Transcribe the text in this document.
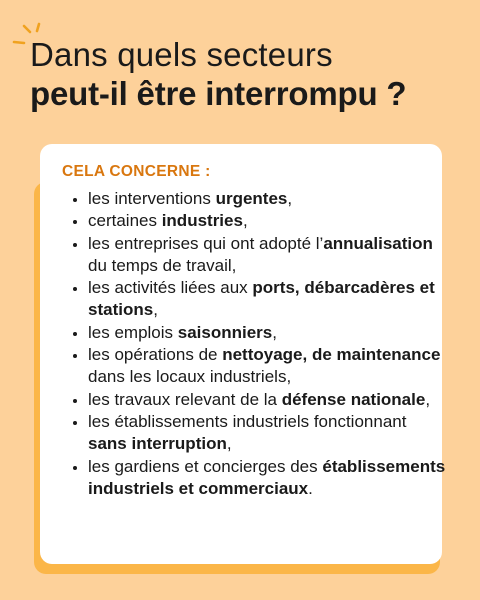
Dans quels secteurs
peut-il être interrompu ?
CELA CONCERNE :
• les interventions urgentes,
• certaines industries,
• les entreprises qui ont adopté l’annualisation du temps de travail,
• les activités liées aux ports, débarcadères et stations,
• les emplois saisonniers,
• les opérations de nettoyage, de maintenance dans les locaux industriels,
• les travaux relevant de la défense nationale,
• les établissements industriels fonctionnant sans interruption,
• les gardiens et concierges des établissements industriels et commerciaux.
